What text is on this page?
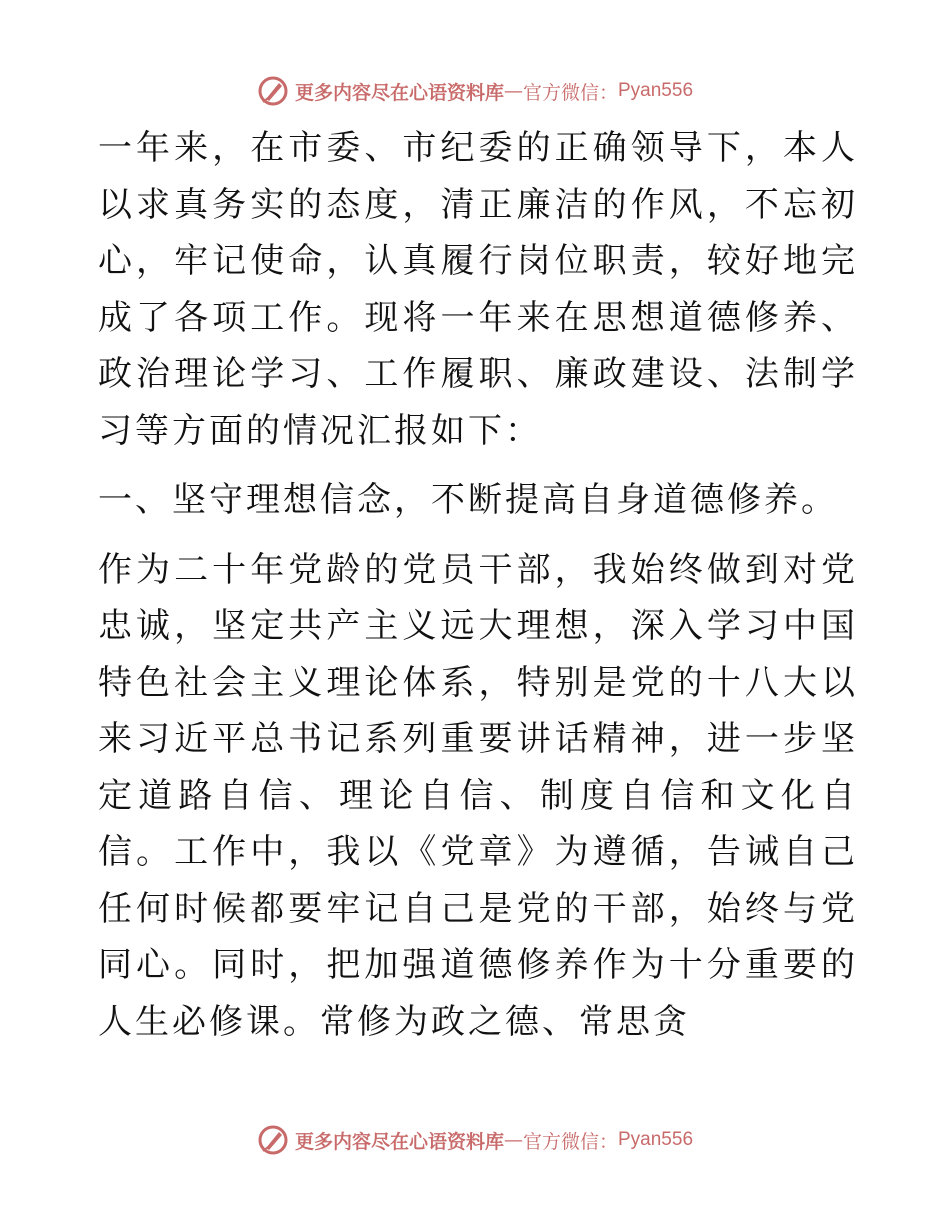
更多内容尽在心语资料库 — 官方微信： Pyan556

一年来，在市委、市纪委的正确领导下，本人以求真务实的态度，清正廉洁的作风，不忘初心，牢记使命，认真履行岗位职责，较好地完成了各项工作。现将一年来在思想道德修养、政治理论学习、工作履职、廉政建设、法制学习等方面的情况汇报如下：

一、坚守理想信念，不断提高自身道德修养。

作为二十年党龄的党员干部，我始终做到对党忠诚，坚定共产主义远大理想，深入学习中国特色社会主义理论体系，特别是党的十八大以来习近平总书记系列重要讲话精神，进一步坚定道路自信、理论自信、制度自信和文化自信。工作中，我以《党章》为遵循，告诫自己任何时候都要牢记自己是党的干部，始终与党同心。同时，把加强道德修养作为十分重要的人生必修课。常修为政之德、常思贪

更多内容尽在心语资料库 — 官方微信： Pyan556
